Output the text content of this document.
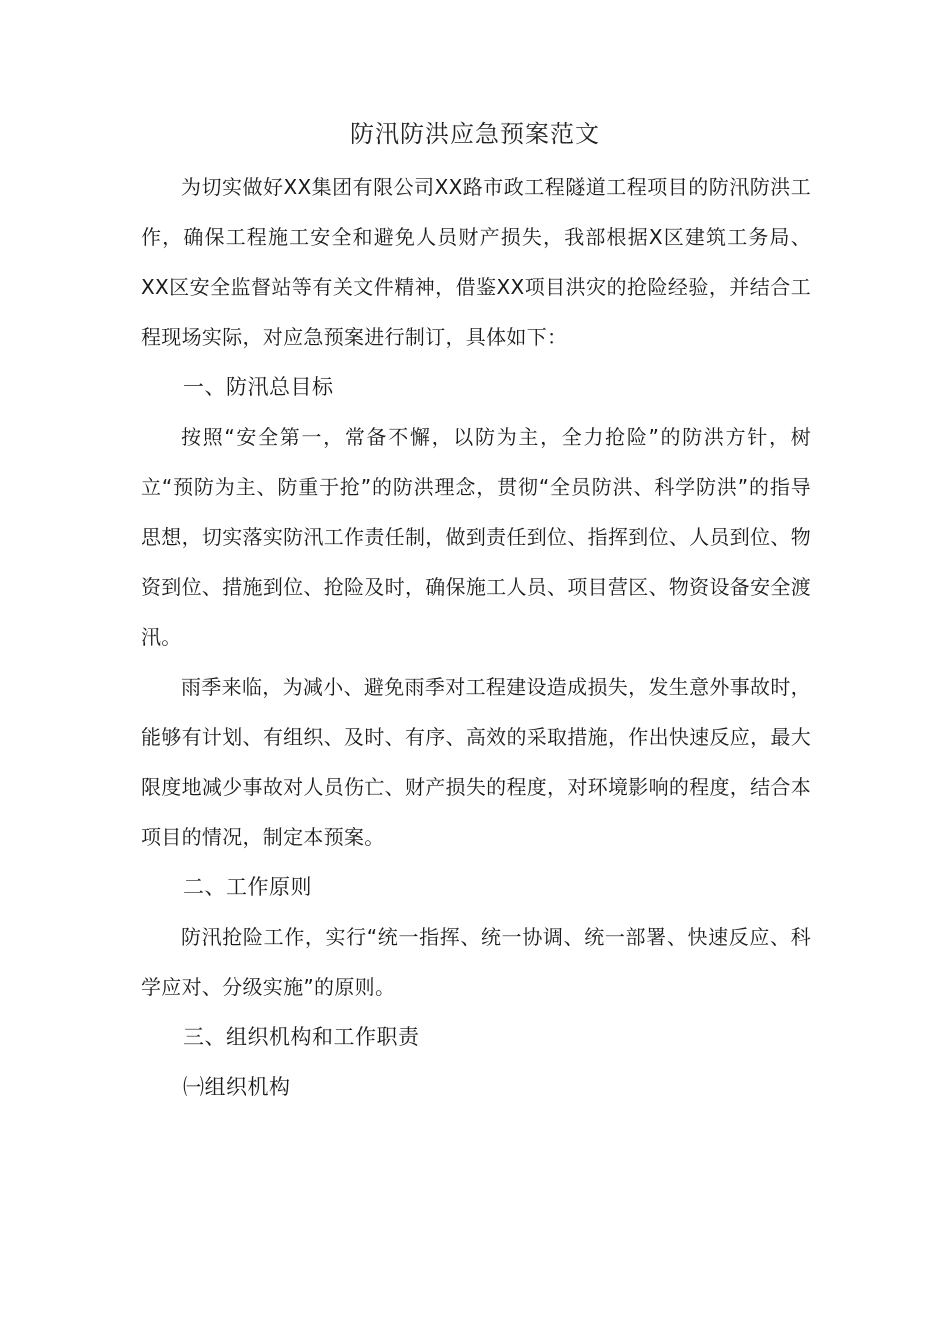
防汛防洪应急预案范文

为切实做好XX集团有限公司XX路市政工程隧道工程项目的防汛防洪工作，确保工程施工安全和避免人员财产损失，我部根据X区建筑工务局、XX区安全监督站等有关文件精神，借鉴XX项目洪灾的抢险经验，并结合工程现场实际，对应急预案进行制订，具体如下：

一、防汛总目标

按照“安全第一，常备不懈，以防为主，全力抢险”的防洪方针，树立“预防为主、防重于抢”的防洪理念，贯彻“全员防洪、科学防洪”的指导思想，切实落实防汛工作责任制，做到责任到位、指挥到位、人员到位、物资到位、措施到位、抢险及时，确保施工人员、项目营区、物资设备安全渡汛。

雨季来临，为减小、避免雨季对工程建设造成损失，发生意外事故时，能够有计划、有组织、及时、有序、高效的采取措施，作出快速反应，最大限度地减少事故对人员伤亡、财产损失的程度，对环境影响的程度，结合本项目的情况，制定本预案。

二、工作原则

防汛抢险工作，实行“统一指挥、统一协调、统一部署、快速反应、科学应对、分级实施”的原则。

三、组织机构和工作职责

㈠组织机构
